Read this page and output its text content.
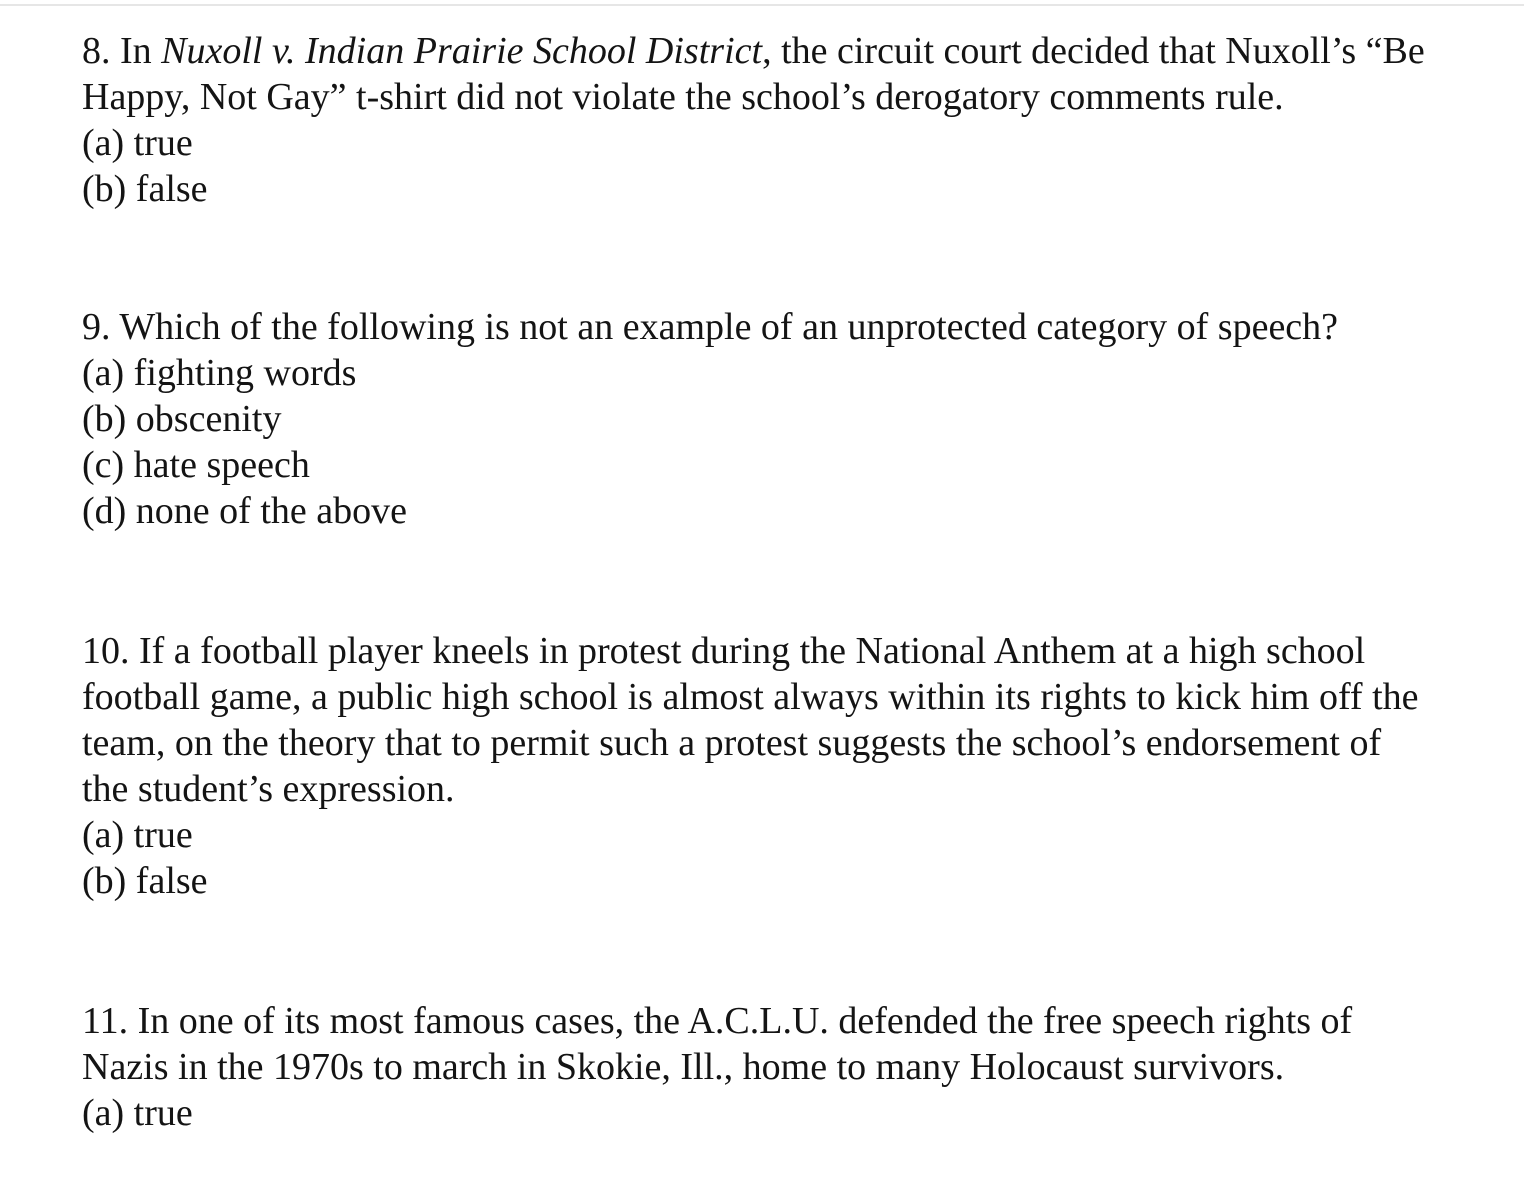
8. In Nuxoll v. Indian Prairie School District, the circuit court decided that Nuxoll’s “Be

Happy, Not Gay” t-shirt did not violate the school’s derogatory comments rule.

(a) true
(b) false

9. Which of the following is not an example of an unprotected category of speech?

(a) fighting words
(b) obscenity
(c) hate speech
(d) none of the above

10. If a football player kneels in protest during the National Anthem at a high school

football game, a public high school is almost always within its rights to kick him off the

team, on the theory that to permit such a protest suggests the school’s endorsement of

the student’s expression.

(a) true
(b) false

11. In one of its most famous cases, the A.C.L.U. defended the free speech rights of

Nazis in the 1970s to march in Skokie, Ill., home to many Holocaust survivors.

(a) true
